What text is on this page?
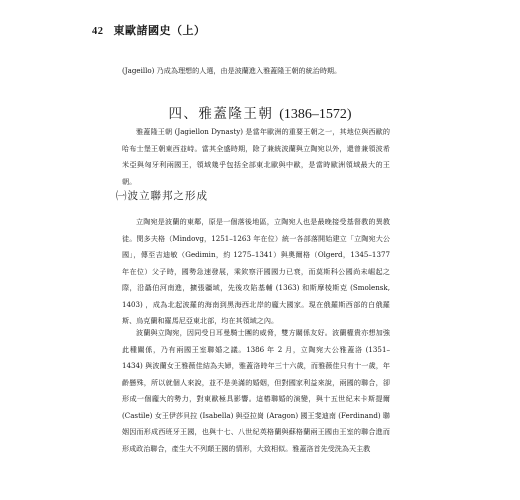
42 東歐諸國史（上）

(Jageillo) 乃成為理想的人選，由是波蘭進入雅蓋隆王朝的統治時期。

四、雅蓋隆王朝 (1386–1572)

雅蓋隆王朝 (Jagiellon Dynasty) 是當年歐洲的重要王朝之一，其地位與西歐的哈布士堡王朝東西並峙。當其全盛時期，除了兼統波蘭與立陶宛以外，還曾兼領波希米亞與匈牙利兩國王，領域幾乎包括全部東北歐與中歐，是當時歐洲領域最大的王朝。

㈠波立聯邦之形成

立陶宛是波蘭的東鄰，原是一個落後地區，立陶宛人也是最晚接受基督教的異教徒。閔多夫格（Mindovg，1251–1263 年在位）統一各部落開始建立「立陶宛大公國」，傳至吉迪敏（Gedimin，約 1275–1341）與奧爾格（Olgerd，1345–1377 年在位）父子時，國勢急速發展，乘欽察汗國國力已衰，而莫斯科公國尚未崛起之際，沿聶伯河南進，擴張疆域，先後攻陷基輔 (1363) 和斯摩棱斯克 (Smolensk, 1403) ，成為北起波羅的海南到黑海西北岸的龐大國家。現在俄羅斯西部的白俄羅斯、烏克蘭和羅馬尼亞東北部，均在其領域之內。

波蘭與立陶宛，因同受日耳曼騎士團的威脅，雙方關係友好。波蘭權貴亦想加強此種關係，乃有兩國王室聯婚之議。1386 年 2 月，立陶宛大公雅蓋洛 (1351–1434) 與波蘭女王雅薇佳結為夫婦，雅蓋洛時年三十六歲，而雅薇佳只有十一歲，年齡懸殊，所以就個人來說，並不是美滿的婚姻，但對國家利益來說，兩國的聯合，卻形成一個龐大的勢力，對東歐極具影響。這樁聯婚的演變，與十五世紀末卡斯提爾 (Castile) 女王伊莎貝拉 (Isabella) 與亞拉崗 (Aragon) 國王斐迪南 (Ferdinand) 聯姻因而形成西班牙王國，也與十七、八世紀英格蘭與蘇格蘭兩王國由王室的聯合進而形成政治聯合，產生大不列顛王國的情形，大致相似。雅蓋洛首先受洗為天主教
